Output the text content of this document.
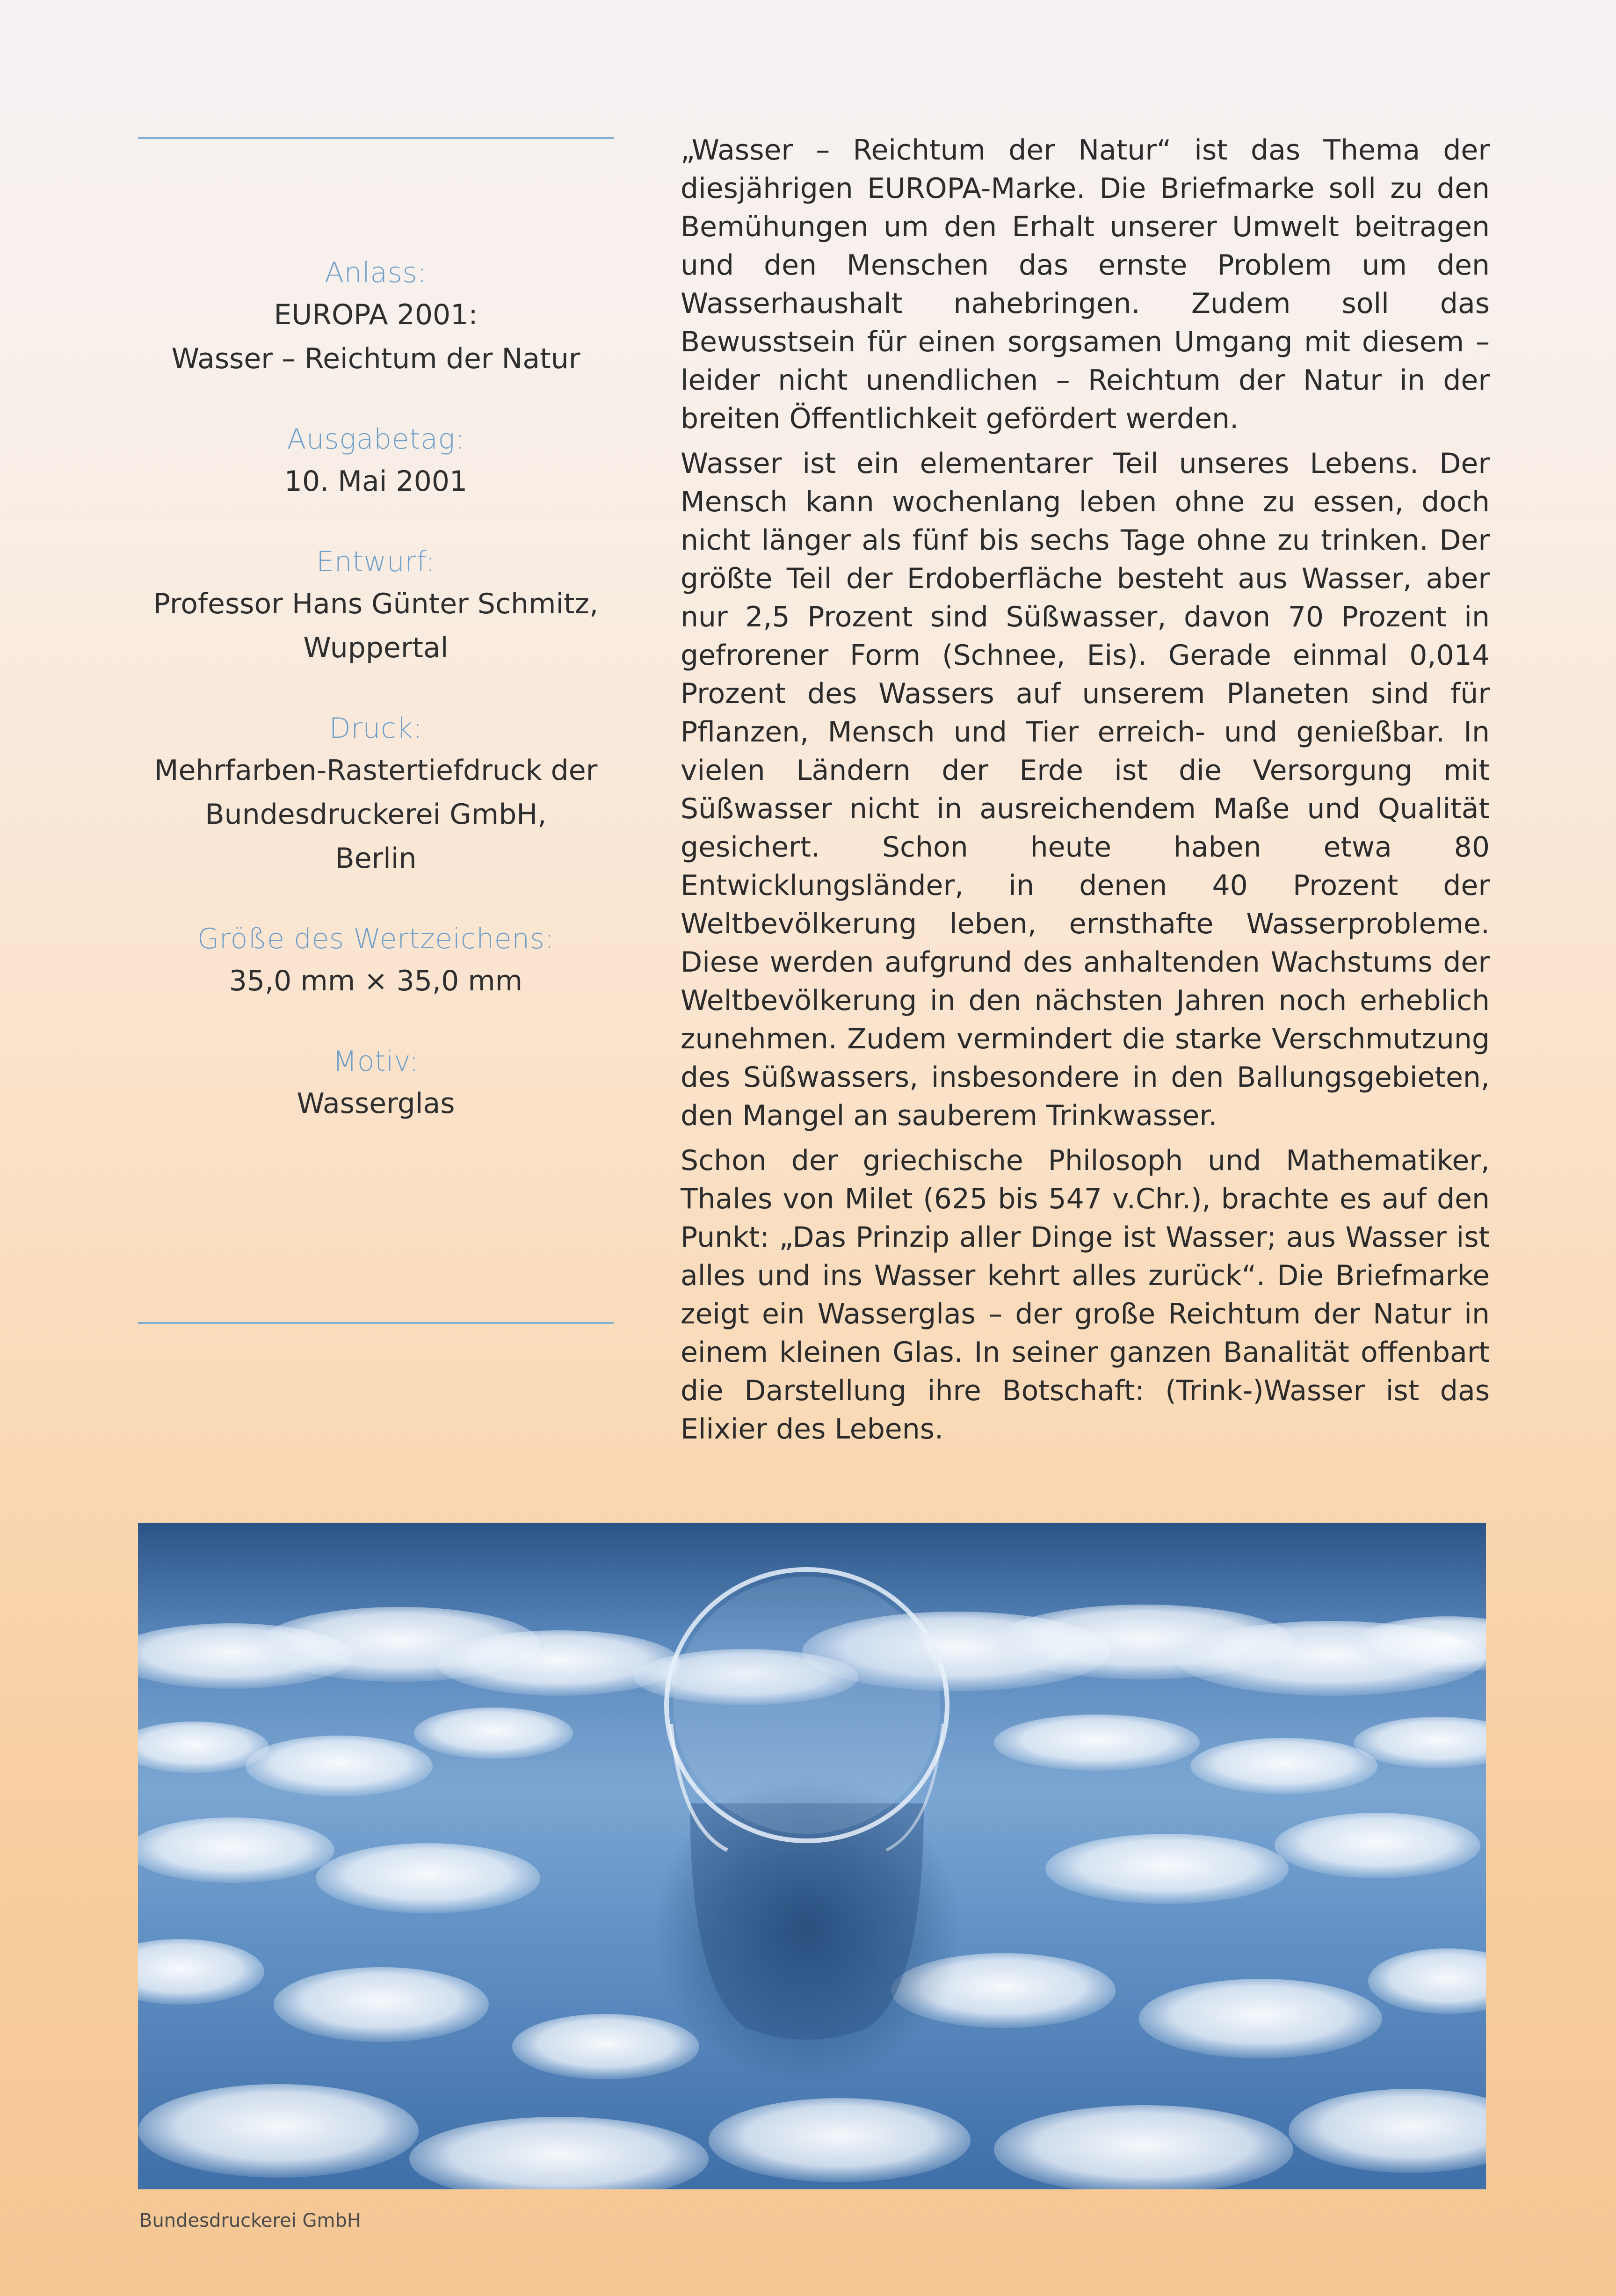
Anlass:
EUROPA 2001:
Wasser – Reichtum der Natur
Ausgabetag:
10. Mai 2001
Entwurf:
Professor Hans Günter Schmitz,
Wuppertal
Druck:
Mehrfarben-Rastertiefdruck der
Bundesdruckerei GmbH,
Berlin
Größe des Wertzeichens:
35,0 mm × 35,0 mm
Motiv:
Wasserglas

„Wasser – Reichtum der Natur“ ist das Thema der diesjährigen EUROPA-Marke. Die Briefmarke soll zu den Bemühungen um den Erhalt unserer Umwelt beitragen und den Menschen das ernste Problem um den Wasserhaushalt nahebringen. Zudem soll das Bewusstsein für einen sorgsamen Umgang mit diesem – leider nicht unendlichen – Reichtum der Natur in der breiten Öffentlichkeit gefördert werden.

Wasser ist ein elementarer Teil unseres Lebens. Der Mensch kann wochenlang leben ohne zu essen, doch nicht länger als fünf bis sechs Tage ohne zu trinken. Der größte Teil der Erdoberfläche besteht aus Wasser, aber nur 2,5 Prozent sind Süßwasser, davon 70 Prozent in gefrorener Form (Schnee, Eis). Gerade einmal 0,014 Prozent des Wassers auf unserem Planeten sind für Pflanzen, Mensch und Tier erreich- und genießbar. In vielen Ländern der Erde ist die Versorgung mit Süßwasser nicht in ausreichendem Maße und Qualität gesichert. Schon heute haben etwa 80 Entwicklungsländer, in denen 40 Prozent der Weltbevölkerung leben, ernsthafte Wasserprobleme. Diese werden aufgrund des anhaltenden Wachstums der Weltbevölkerung in den nächsten Jahren noch erheblich zunehmen. Zudem vermindert die starke Verschmutzung des Süßwassers, insbesondere in den Ballungsgebieten, den Mangel an sauberem Trinkwasser.

Schon der griechische Philosoph und Mathematiker, Thales von Milet (625 bis 547 v.Chr.), brachte es auf den Punkt: „Das Prinzip aller Dinge ist Wasser; aus Wasser ist alles und ins Wasser kehrt alles zurück“. Die Briefmarke zeigt ein Wasserglas – der große Reichtum der Natur in einem kleinen Glas. In seiner ganzen Banalität offenbart die Darstellung ihre Botschaft: (Trink-)Wasser ist das Elixier des Lebens.

Bundesdruckerei GmbH
